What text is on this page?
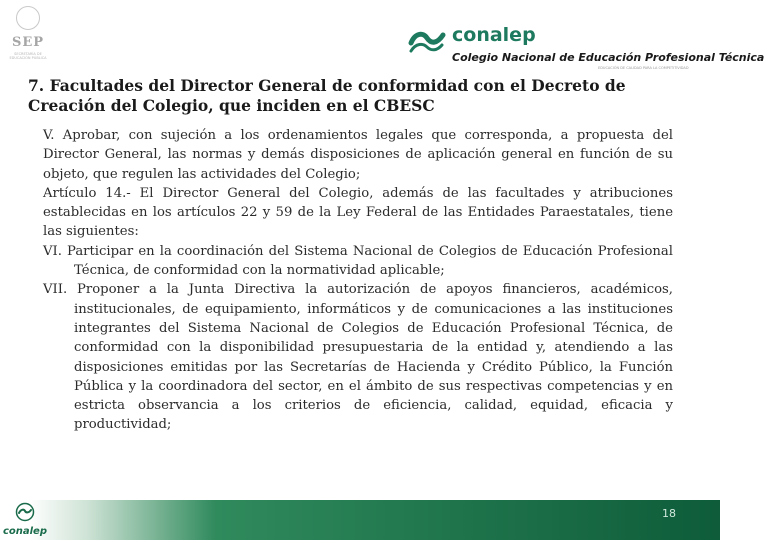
SEP
SECRETARÍA DE EDUCACIÓN PÚBLICA
conalep
Colegio Nacional de Educación Profesional Técnica
EDUCACIÓN DE CALIDAD PARA LA COMPETITIVIDAD
7. Facultades del Director General de conformidad con el Decreto de Creación del Colegio, que inciden en el CBESC

V. Aprobar, con sujeción a los ordenamientos legales que corresponda, a propuesta del Director General, las normas y demás disposiciones de aplicación general en función de su objeto, que regulen las actividades del Colegio;

Artículo 14.- El Director General del Colegio, además de las facultades y atribuciones establecidas en los artículos 22 y 59 de la Ley Federal de las Entidades Paraestatales, tiene las siguientes:

VI. Participar en la coordinación del Sistema Nacional de Colegios de Educación Profesional Técnica, de conformidad con la normatividad aplicable;

VII. Proponer a la Junta Directiva la autorización de apoyos financieros, académicos, institucionales, de equipamiento, informáticos y de comunicaciones a las instituciones integrantes del Sistema Nacional de Colegios de Educación Profesional Técnica, de conformidad con la disponibilidad presupuestaria de la entidad y, atendiendo a las disposiciones emitidas por las Secretarías de Hacienda y Crédito Público, la Función Pública y la coordinadora del sector, en el ámbito de sus respectivas competencias y en estricta observancia a los criterios de eficiencia, calidad, equidad, eficacia y productividad;

conalep
18
